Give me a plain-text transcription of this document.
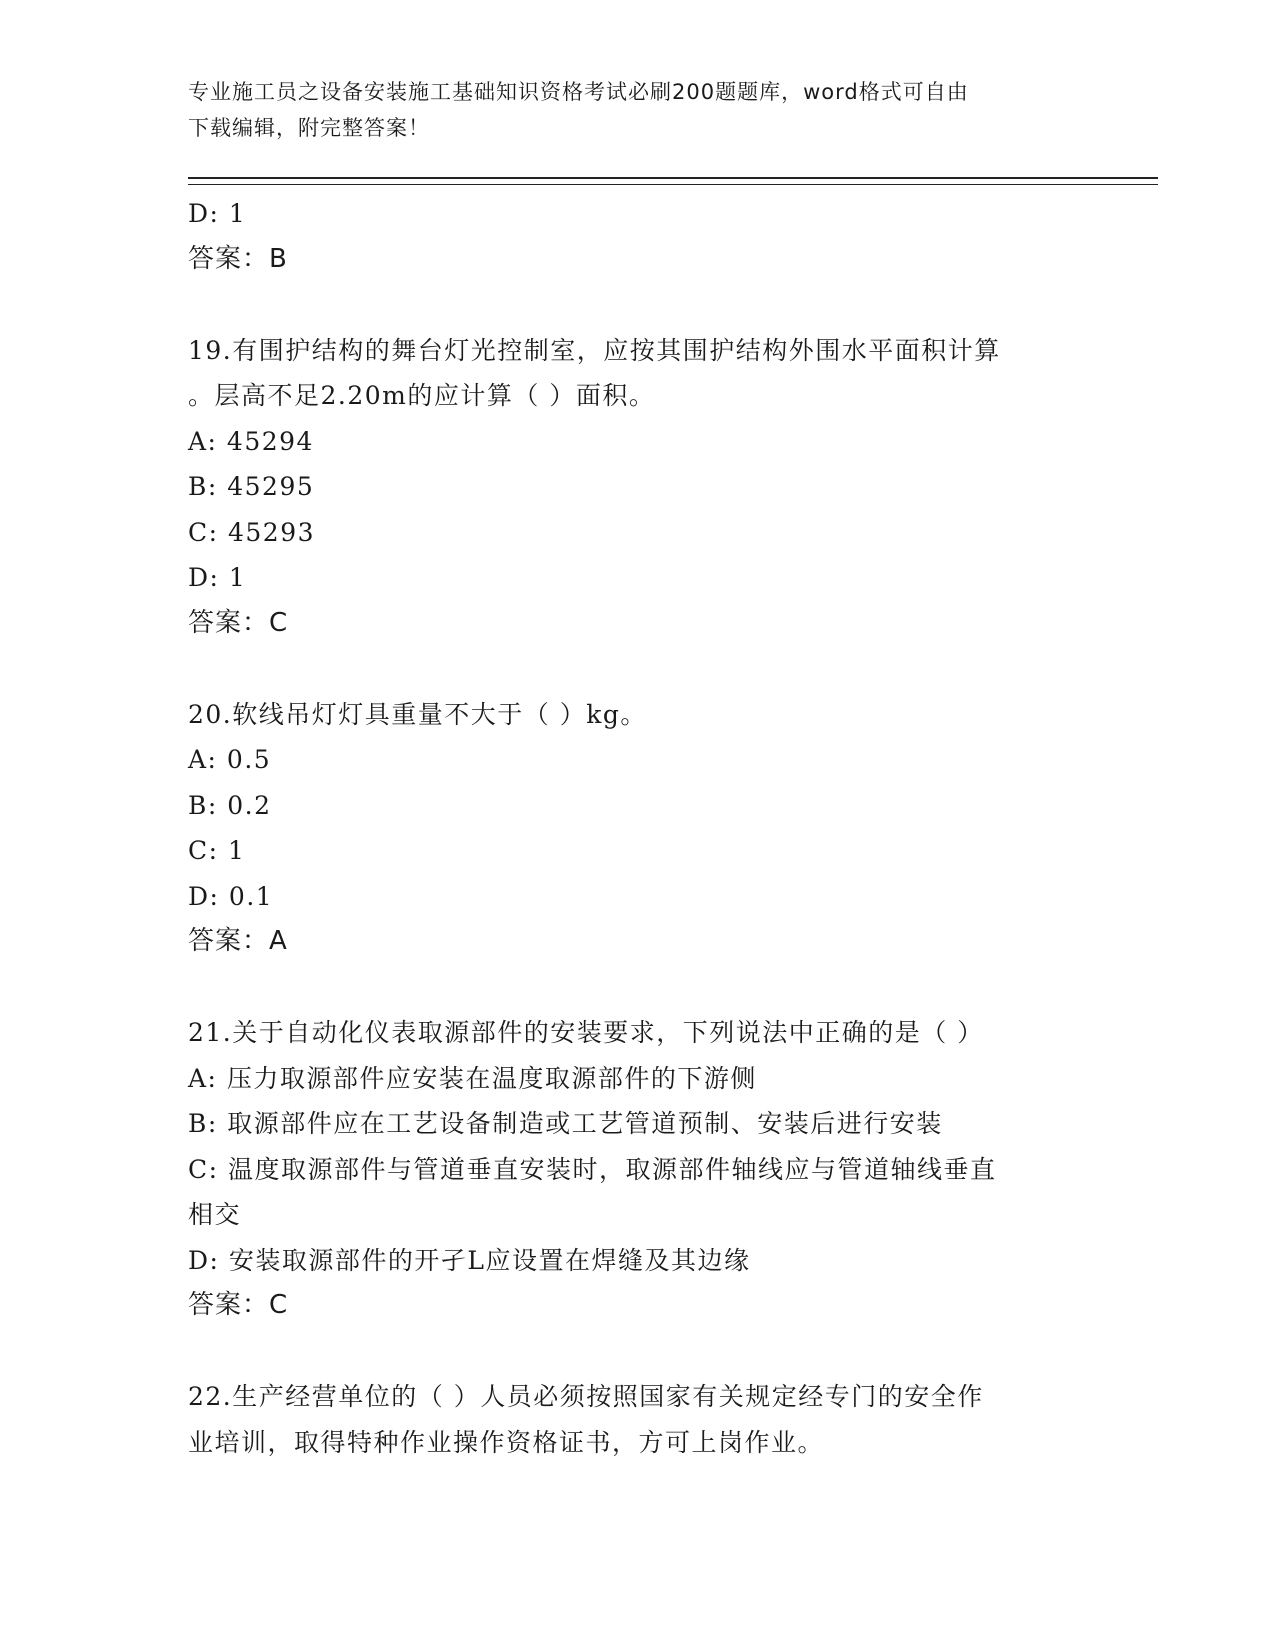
专业施工员之设备安装施工基础知识资格考试必刷200题题库，word格式可自由
下载编辑，附完整答案！
D: 1
答案：B
19.有围护结构的舞台灯光控制室，应按其围护结构外围水平面积计算
。层高不足2.20m的应计算（ ）面积。
A: 45294
B: 45295
C: 45293
D: 1
答案：C
20.软线吊灯灯具重量不大于（ ）kg。
A: 0.5
B: 0.2
C: 1
D: 0.1
答案：A
21.关于自动化仪表取源部件的安装要求，下列说法中正确的是（ ）
A: 压力取源部件应安装在温度取源部件的下游侧
B: 取源部件应在工艺设备制造或工艺管道预制、安装后进行安装
C: 温度取源部件与管道垂直安装时，取源部件轴线应与管道轴线垂直
相交
D: 安装取源部件的开孑L应设置在焊缝及其边缘
答案：C
22.生产经营单位的（ ）人员必须按照国家有关规定经专门的安全作
业培训，取得特种作业操作资格证书，方可上岗作业。
